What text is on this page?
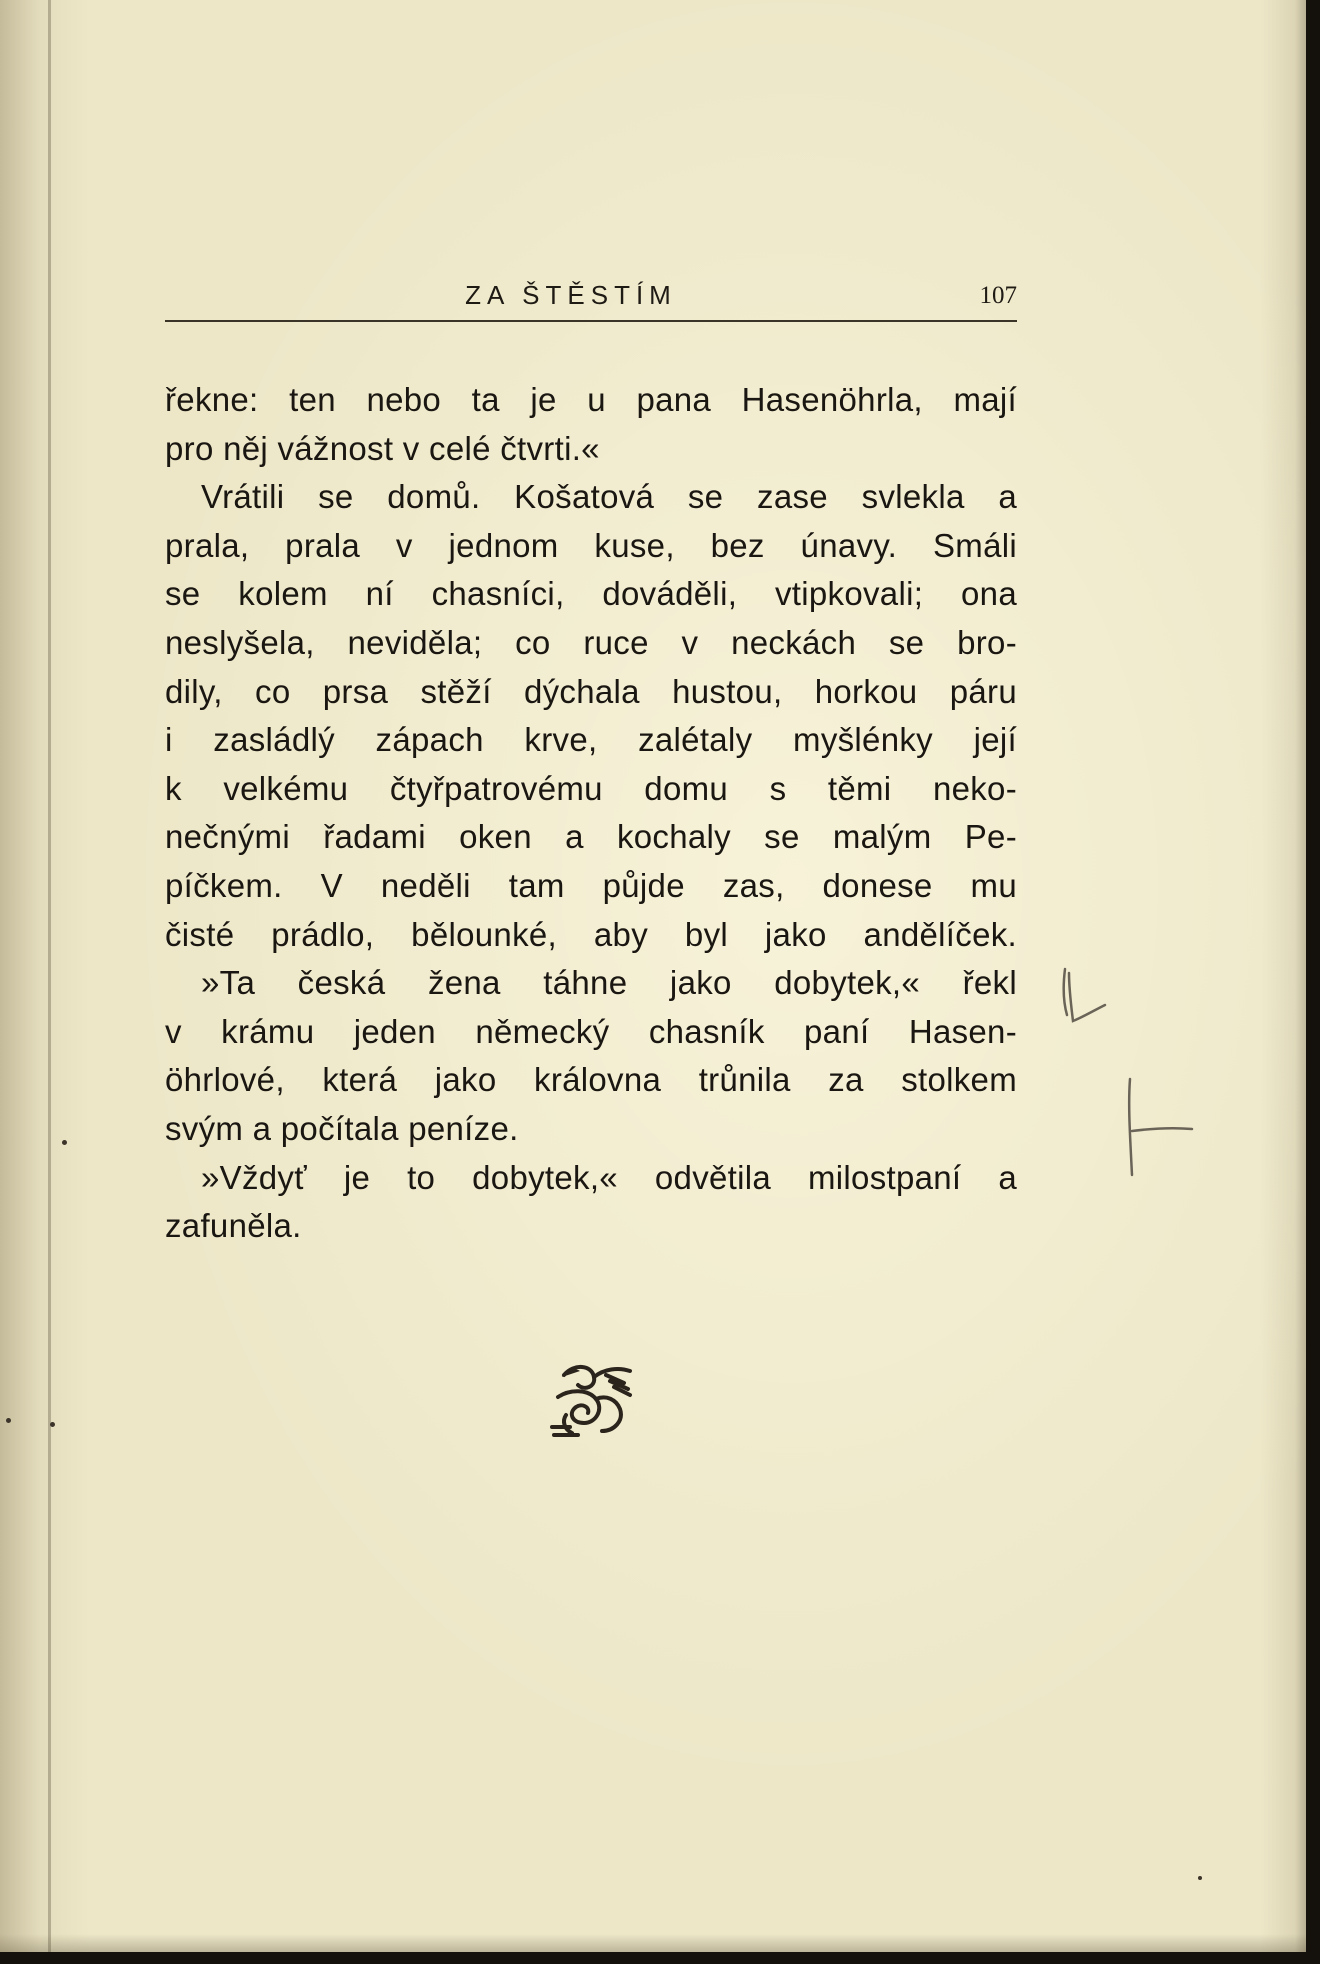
ZA ŠTĚSTÍM	107
řekne: ten nebo ta je u pana Hasenöhrla, mají
pro něj vážnost v celé čtvrti.«
Vrátili se domů. Košatová se zase svlekla a
prala, prala v jednom kuse, bez únavy. Smáli
se kolem ní chasníci, dováděli, vtipkovali; ona
neslyšela, neviděla; co ruce v neckách se bro-
dily, co prsa stěží dýchala hustou, horkou páru
i zasládlý zápach krve, zalétaly myšlénky její
k velkému čtyřpatrovému domu s těmi neko-
nečnými řadami oken a kochaly se malým Pe-
píčkem. V neděli tam půjde zas, donese mu
čisté prádlo, bělounké, aby byl jako andělíček.
»Ta česká žena táhne jako dobytek,« řekl
v krámu jeden německý chasník paní Hasen-
öhrlové, která jako královna trůnila za stolkem
svým a počítala peníze.
»Vždyť je to dobytek,« odvětila milostpaní a
zafuněla.
